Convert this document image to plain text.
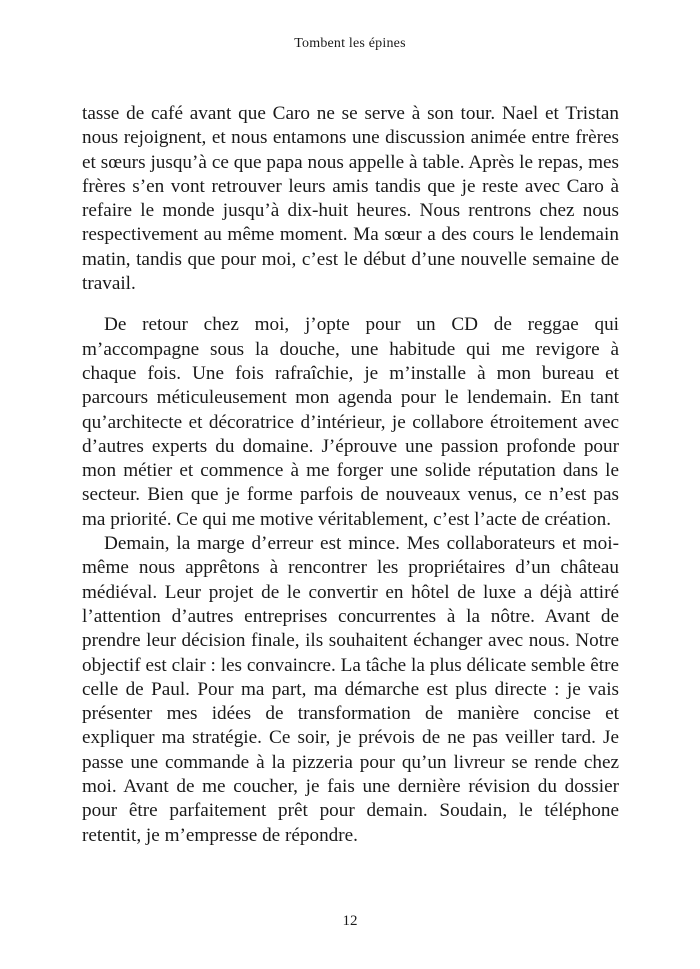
Tombent les épines

tasse de café avant que Caro ne se serve à son tour. Nael et Tristan nous rejoignent, et nous entamons une discussion animée entre frères et sœurs jusqu’à ce que papa nous appelle à table. Après le repas, mes frères s’en vont retrouver leurs amis tandis que je reste avec Caro à refaire le monde jusqu’à dix-huit heures. Nous rentrons chez nous respectivement au même moment. Ma sœur a des cours le lendemain matin, tandis que pour moi, c’est le début d’une nouvelle semaine de travail.

De retour chez moi, j’opte pour un CD de reggae qui m’accompagne sous la douche, une habitude qui me revigore à chaque fois. Une fois rafraîchie, je m’installe à mon bureau et parcours méticuleusement mon agenda pour le lendemain. En tant qu’architecte et décoratrice d’intérieur, je collabore étroitement avec d’autres experts du domaine. J’éprouve une passion profonde pour mon métier et commence à me forger une solide réputation dans le secteur. Bien que je forme parfois de nouveaux venus, ce n’est pas ma priorité. Ce qui me motive véritablement, c’est l’acte de création.

Demain, la marge d’erreur est mince. Mes collaborateurs et moi-même nous apprêtons à rencontrer les propriétaires d’un château médiéval. Leur projet de le convertir en hôtel de luxe a déjà attiré l’attention d’autres entreprises concurrentes à la nôtre. Avant de prendre leur décision finale, ils souhaitent échanger avec nous. Notre objectif est clair : les convaincre. La tâche la plus délicate semble être celle de Paul. Pour ma part, ma démarche est plus directe : je vais présenter mes idées de transformation de manière concise et expliquer ma stratégie. Ce soir, je prévois de ne pas veiller tard. Je passe une commande à la pizzeria pour qu’un livreur se rende chez moi. Avant de me coucher, je fais une dernière révision du dossier pour être parfaitement prêt pour demain. Soudain, le téléphone retentit, je m’empresse de répondre.

12
